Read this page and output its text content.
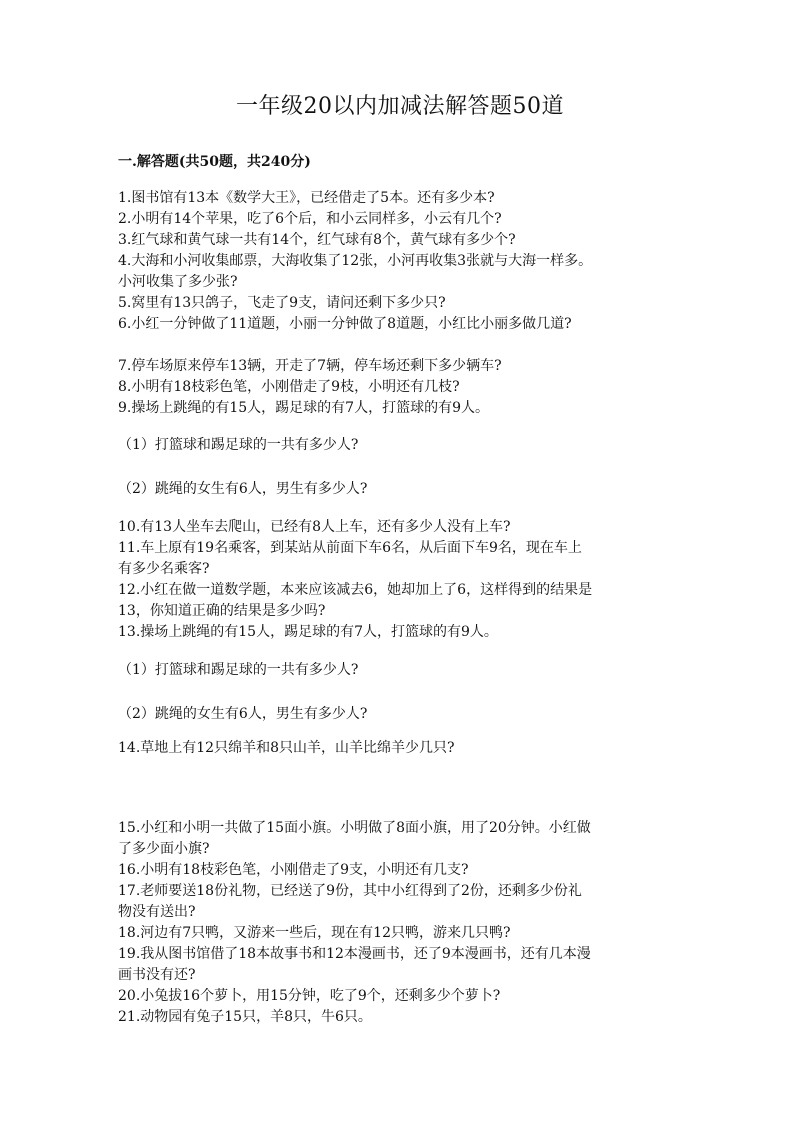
一年级20以内加减法解答题50道
一.解答题(共50题，共240分)
1.图书馆有13本《数学大王》，已经借走了5本。还有多少本?
2.小明有14个苹果，吃了6个后，和小云同样多，小云有几个?
3.红气球和黄气球一共有14个，红气球有8个，黄气球有多少个?
4.大海和小河收集邮票，大海收集了12张，小河再收集3张就与大海一样多。
小河收集了多少张?
5.窝里有13只鸽子，飞走了9支，请问还剩下多少只?
6.小红一分钟做了11道题，小丽一分钟做了8道题，小红比小丽多做几道?
7.停车场原来停车13辆，开走了7辆，停车场还剩下多少辆车?
8.小明有18枝彩色笔，小刚借走了9枝，小明还有几枝?
9.操场上跳绳的有15人，踢足球的有7人，打篮球的有9人。
（1）打篮球和踢足球的一共有多少人?
（2）跳绳的女生有6人，男生有多少人?
10.有13人坐车去爬山，已经有8人上车，还有多少人没有上车?
11.车上原有19名乘客，到某站从前面下车6名，从后面下车9名，现在车上
有多少名乘客?
12.小红在做一道数学题，本来应该减去6，她却加上了6，这样得到的结果是
13，你知道正确的结果是多少吗?
13.操场上跳绳的有15人，踢足球的有7人，打篮球的有9人。
（1）打篮球和踢足球的一共有多少人?
（2）跳绳的女生有6人，男生有多少人?
14.草地上有12只绵羊和8只山羊，山羊比绵羊少几只?
15.小红和小明一共做了15面小旗。小明做了8面小旗，用了20分钟。小红做
了多少面小旗?
16.小明有18枝彩色笔，小刚借走了9支，小明还有几支?
17.老师要送18份礼物，已经送了9份，其中小红得到了2份，还剩多少份礼
物没有送出?
18.河边有7只鸭，又游来一些后，现在有12只鸭，游来几只鸭?
19.我从图书馆借了18本故事书和12本漫画书，还了9本漫画书，还有几本漫
画书没有还?
20.小兔拔16个萝卜，用15分钟，吃了9个，还剩多少个萝卜?
21.动物园有兔子15只，羊8只，牛6只。
